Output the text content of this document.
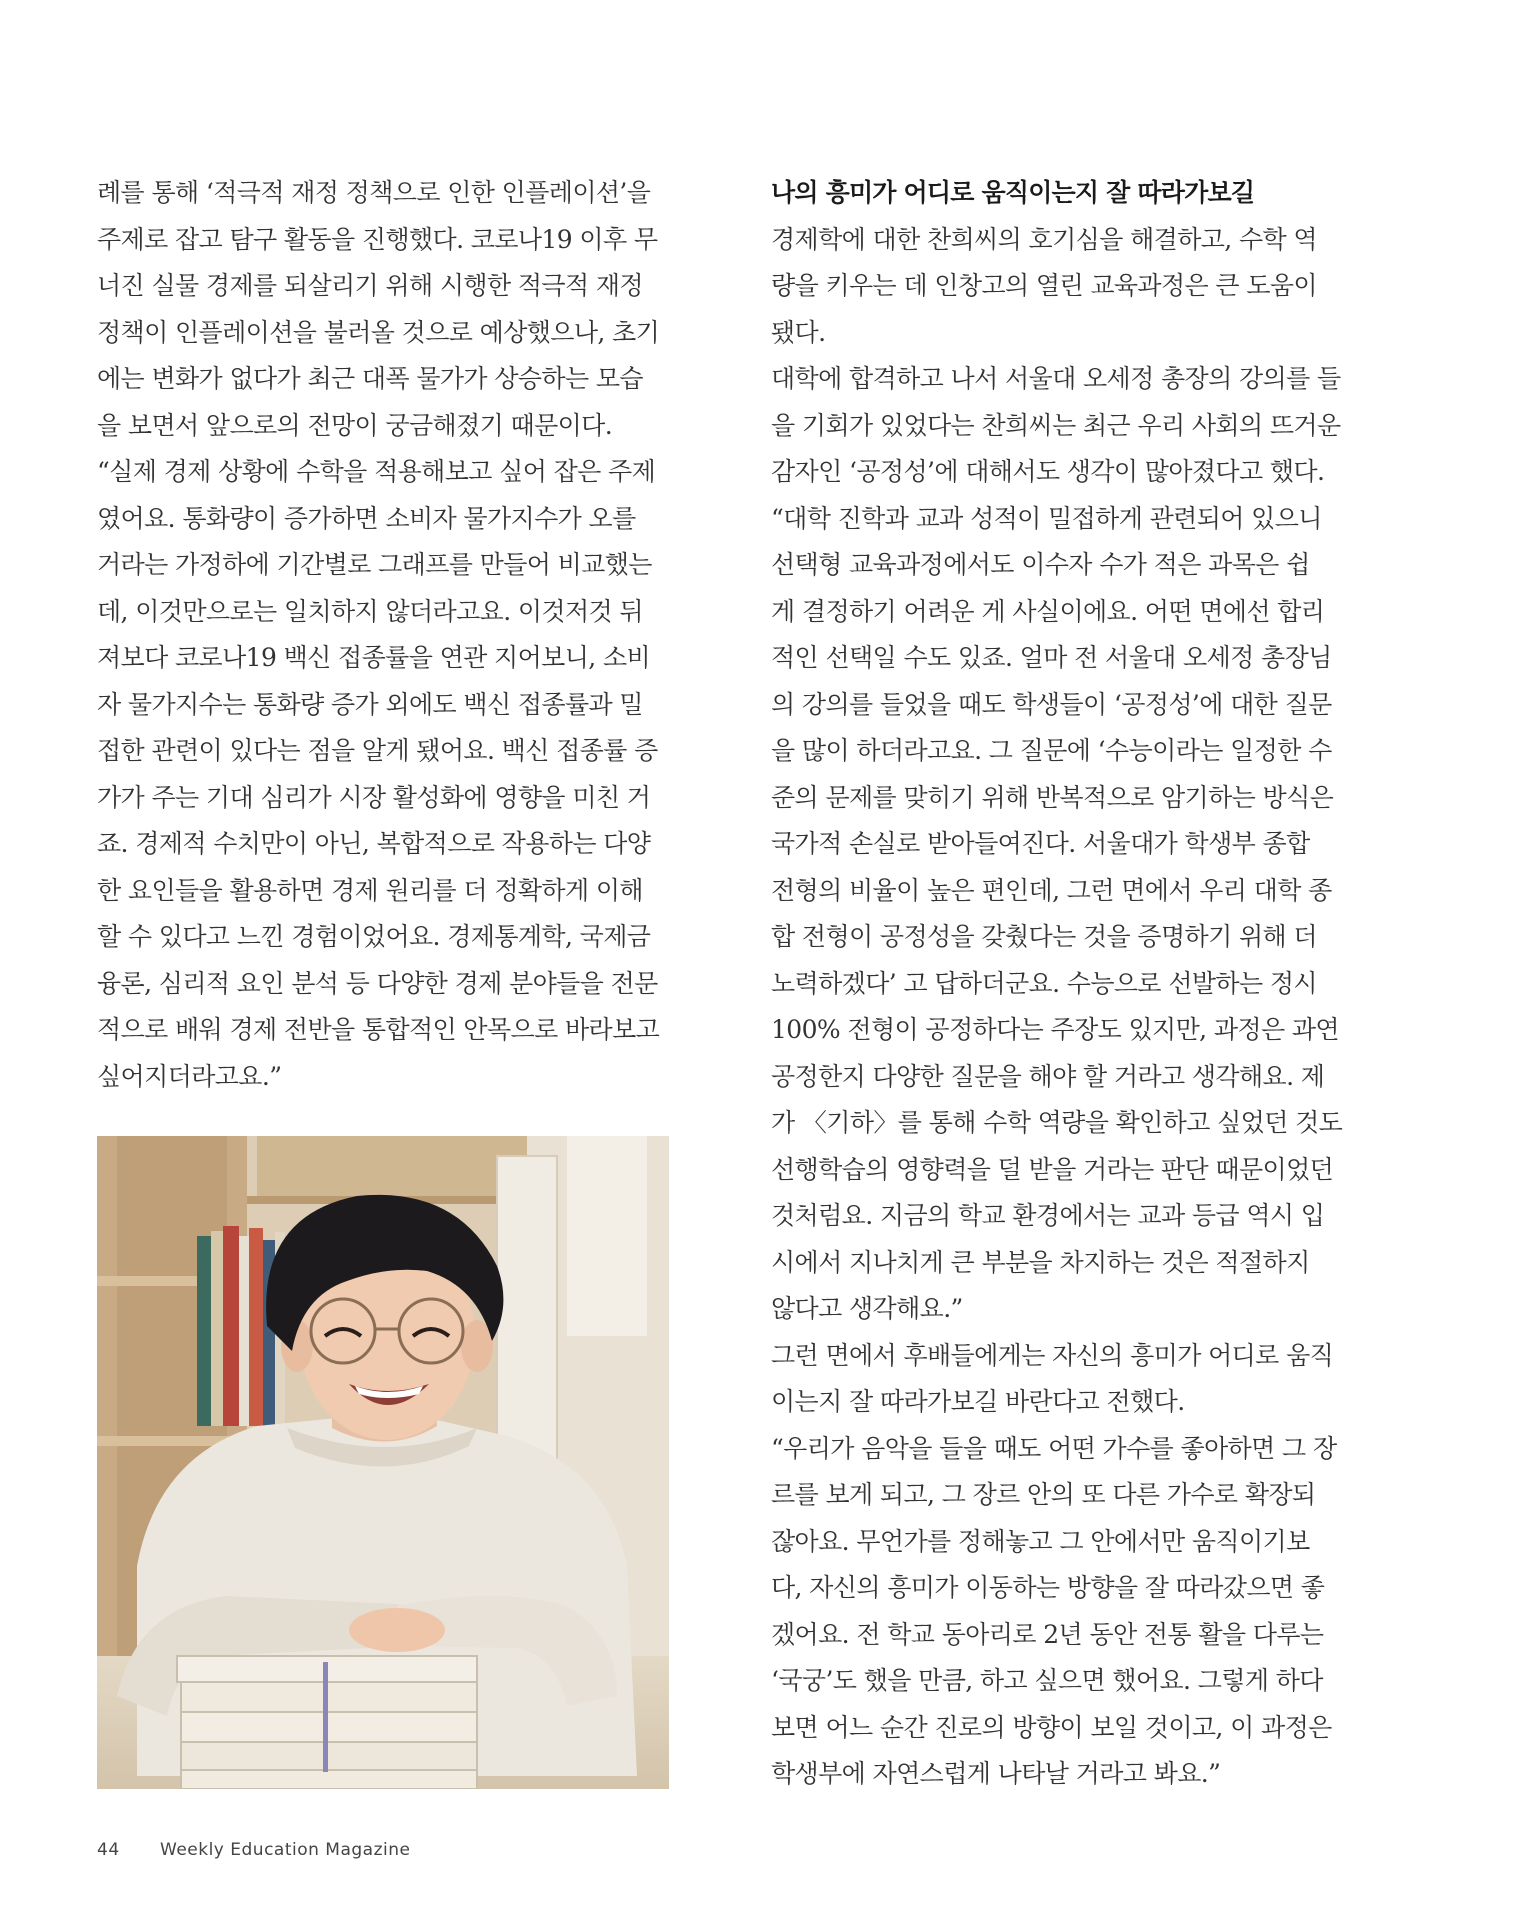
례를 통해 ‘적극적 재정 정책으로 인한 인플레이션’을
주제로 잡고 탐구 활동을 진행했다. 코로나19 이후 무
너진 실물 경제를 되살리기 위해 시행한 적극적 재정
정책이 인플레이션을 불러올 것으로 예상했으나, 초기
에는 변화가 없다가 최근 대폭 물가가 상승하는 모습
을 보면서 앞으로의 전망이 궁금해졌기 때문이다.
“실제 경제 상황에 수학을 적용해보고 싶어 잡은 주제
였어요. 통화량이 증가하면 소비자 물가지수가 오를
거라는 가정하에 기간별로 그래프를 만들어 비교했는
데, 이것만으로는 일치하지 않더라고요. 이것저것 뒤
져보다 코로나19 백신 접종률을 연관 지어보니, 소비
자 물가지수는 통화량 증가 외에도 백신 접종률과 밀
접한 관련이 있다는 점을 알게 됐어요. 백신 접종률 증
가가 주는 기대 심리가 시장 활성화에 영향을 미친 거
죠. 경제적 수치만이 아닌, 복합적으로 작용하는 다양
한 요인들을 활용하면 경제 원리를 더 정확하게 이해
할 수 있다고 느낀 경험이었어요. 경제통계학, 국제금
융론, 심리적 요인 분석 등 다양한 경제 분야들을 전문
적으로 배워 경제 전반을 통합적인 안목으로 바라보고
싶어지더라고요.”
나의 흥미가 어디로 움직이는지 잘 따라가보길
경제학에 대한 찬희씨의 호기심을 해결하고, 수학 역
량을 키우는 데 인창고의 열린 교육과정은 큰 도움이
됐다.
대학에 합격하고 나서 서울대 오세정 총장의 강의를 들
을 기회가 있었다는 찬희씨는 최근 우리 사회의 뜨거운
감자인 ‘공정성’에 대해서도 생각이 많아졌다고 했다.
“대학 진학과 교과 성적이 밀접하게 관련되어 있으니
선택형 교육과정에서도 이수자 수가 적은 과목은 쉽
게 결정하기 어려운 게 사실이에요. 어떤 면에선 합리
적인 선택일 수도 있죠. 얼마 전 서울대 오세정 총장님
의 강의를 들었을 때도 학생들이 ‘공정성’에 대한 질문
을 많이 하더라고요. 그 질문에 ‘수능이라는 일정한 수
준의 문제를 맞히기 위해 반복적으로 암기하는 방식은
국가적 손실로 받아들여진다. 서울대가 학생부 종합
전형의 비율이 높은 편인데, 그런 면에서 우리 대학 종
합 전형이 공정성을 갖췄다는 것을 증명하기 위해 더
노력하겠다’ 고 답하더군요. 수능으로 선발하는 정시
100% 전형이 공정하다는 주장도 있지만, 과정은 과연
공정한지 다양한 질문을 해야 할 거라고 생각해요. 제
가 〈기하〉를 통해 수학 역량을 확인하고 싶었던 것도
선행학습의 영향력을 덜 받을 거라는 판단 때문이었던
것처럼요. 지금의 학교 환경에서는 교과 등급 역시 입
시에서 지나치게 큰 부분을 차지하는 것은 적절하지
않다고 생각해요.”
그런 면에서 후배들에게는 자신의 흥미가 어디로 움직
이는지 잘 따라가보길 바란다고 전했다.
“우리가 음악을 들을 때도 어떤 가수를 좋아하면 그 장
르를 보게 되고, 그 장르 안의 또 다른 가수로 확장되
잖아요. 무언가를 정해놓고 그 안에서만 움직이기보
다, 자신의 흥미가 이동하는 방향을 잘 따라갔으면 좋
겠어요. 전 학교 동아리로 2년 동안 전통 활을 다루는
‘국궁’도 했을 만큼, 하고 싶으면 했어요. 그렇게 하다
보면 어느 순간 진로의 방향이 보일 것이고, 이 과정은
학생부에 자연스럽게 나타날 거라고 봐요.”
44 Weekly Education Magazine
